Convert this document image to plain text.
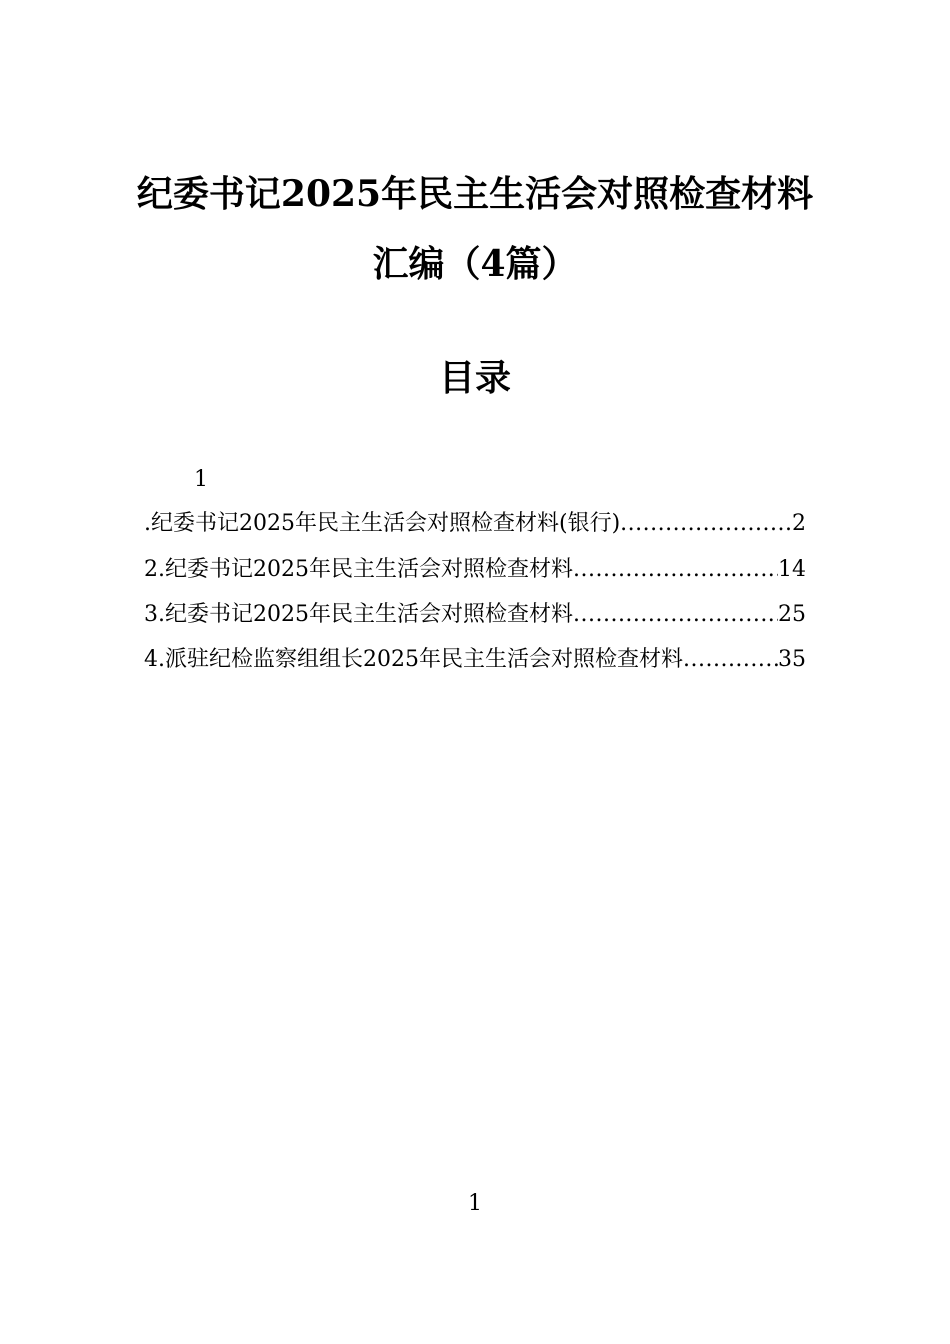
纪委书记2025年民主生活会对照检查材料
汇编（4篇）
目录
1
.纪委书记2025年民主生活会对照检查材料(银行) .....	2
2.纪委书记2025年民主生活会对照检查材料 .....	14
3.纪委书记2025年民主生活会对照检查材料 .....	25
4.派驻纪检监察组组长2025年民主生活会对照检查材料 .....	35
1
